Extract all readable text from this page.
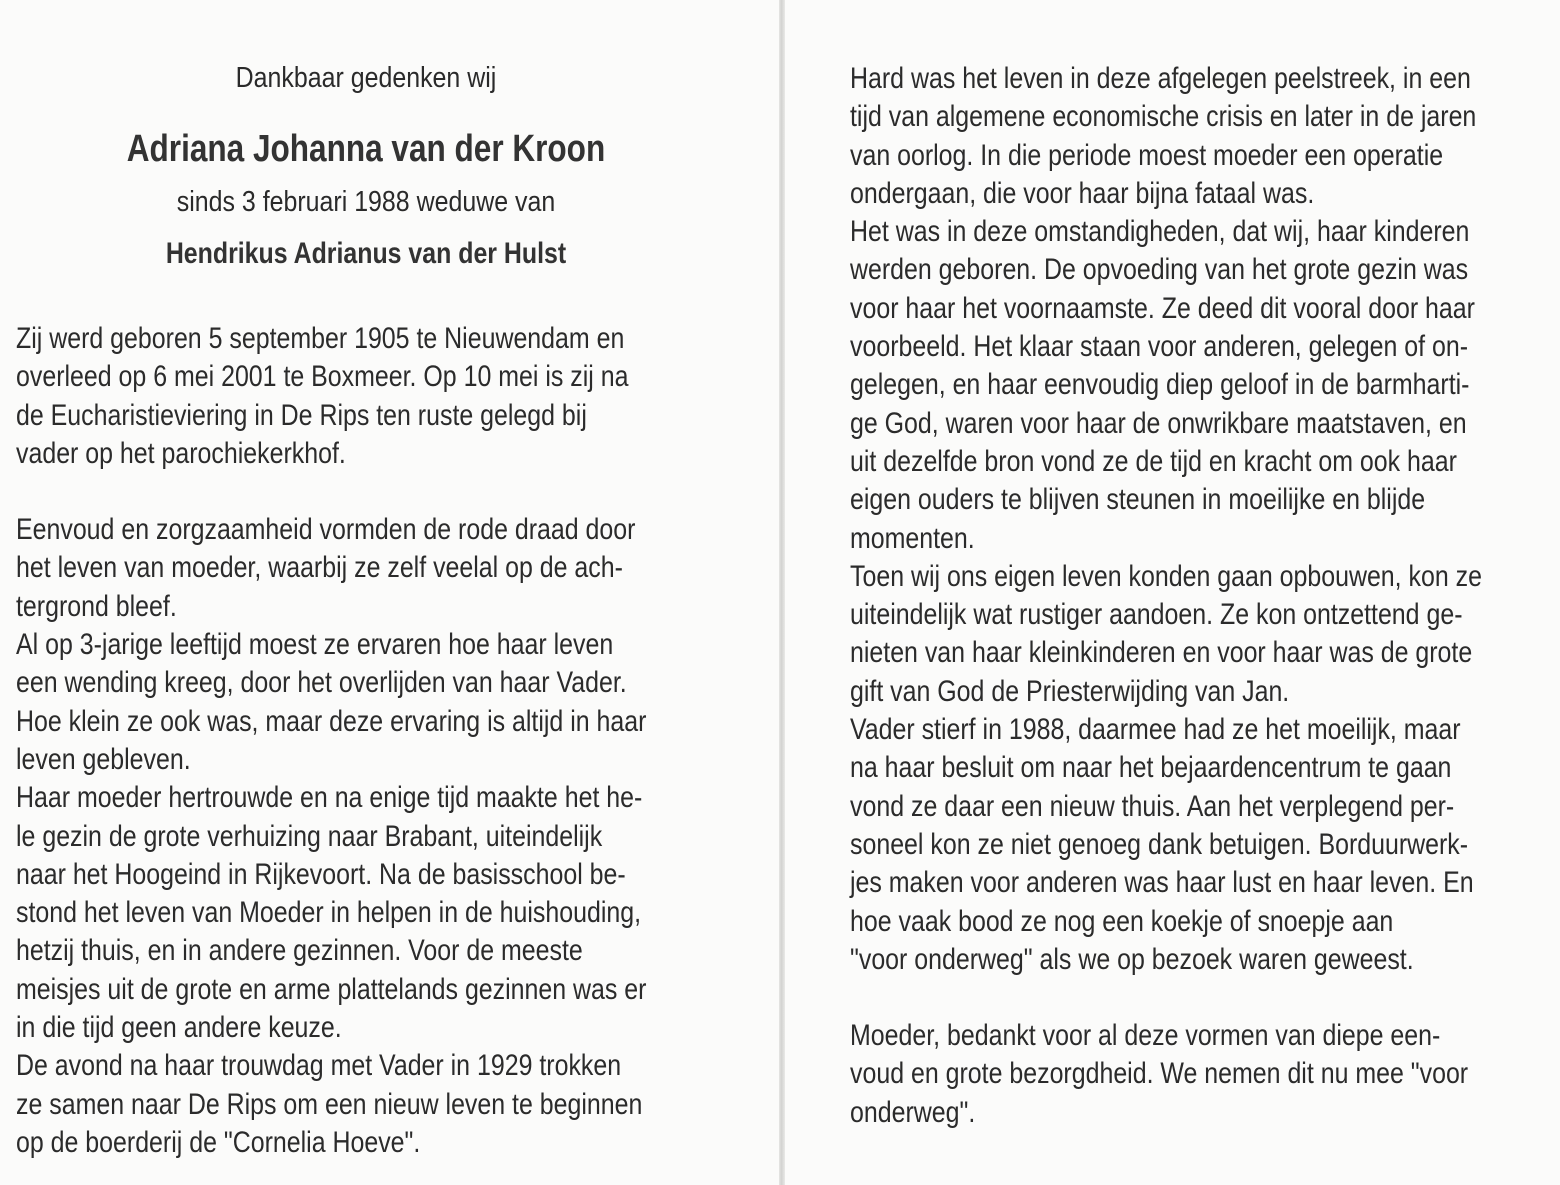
Dankbaar gedenken wij

Adriana Johanna van der Kroon

sinds 3 februari 1988 weduwe van

Hendrikus Adrianus van der Hulst

Zij werd geboren 5 september 1905 te Nieuwendam en
overleed op 6 mei 2001 te Boxmeer. Op 10 mei is zij na
de Eucharistieviering in De Rips ten ruste gelegd bij
vader op het parochiekerkhof.
Eenvoud en zorgzaamheid vormden de rode draad door
het leven van moeder, waarbij ze zelf veelal op de ach-
tergrond bleef.
Al op 3-jarige leeftijd moest ze ervaren hoe haar leven
een wending kreeg, door het overlijden van haar Vader.
Hoe klein ze ook was, maar deze ervaring is altijd in haar
leven gebleven.
Haar moeder hertrouwde en na enige tijd maakte het he-
le gezin de grote verhuizing naar Brabant, uiteindelijk
naar het Hoogeind in Rijkevoort. Na de basisschool be-
stond het leven van Moeder in helpen in de huishouding,
hetzij thuis, en in andere gezinnen. Voor de meeste
meisjes uit de grote en arme plattelands gezinnen was er
in die tijd geen andere keuze.
De avond na haar trouwdag met Vader in 1929 trokken
ze samen naar De Rips om een nieuw leven te beginnen
op de boerderij de "Cornelia Hoeve".
Hard was het leven in deze afgelegen peelstreek, in een
tijd van algemene economische crisis en later in de jaren
van oorlog. In die periode moest moeder een operatie
ondergaan, die voor haar bijna fataal was.
Het was in deze omstandigheden, dat wij, haar kinderen
werden geboren. De opvoeding van het grote gezin was
voor haar het voornaamste. Ze deed dit vooral door haar
voorbeeld. Het klaar staan voor anderen, gelegen of on-
gelegen, en haar eenvoudig diep geloof in de barmharti-
ge God, waren voor haar de onwrikbare maatstaven, en
uit dezelfde bron vond ze de tijd en kracht om ook haar
eigen ouders te blijven steunen in moeilijke en blijde
momenten.
Toen wij ons eigen leven konden gaan opbouwen, kon ze
uiteindelijk wat rustiger aandoen. Ze kon ontzettend ge-
nieten van haar kleinkinderen en voor haar was de grote
gift van God de Priesterwijding van Jan.
Vader stierf in 1988, daarmee had ze het moeilijk, maar
na haar besluit om naar het bejaardencentrum te gaan
vond ze daar een nieuw thuis. Aan het verplegend per-
soneel kon ze niet genoeg dank betuigen. Borduurwerk-
jes maken voor anderen was haar lust en haar leven. En
hoe vaak bood ze nog een koekje of snoepje aan
"voor onderweg" als we op bezoek waren geweest.
Moeder, bedankt voor al deze vormen van diepe een-
voud en grote bezorgdheid. We nemen dit nu mee "voor
onderweg".
